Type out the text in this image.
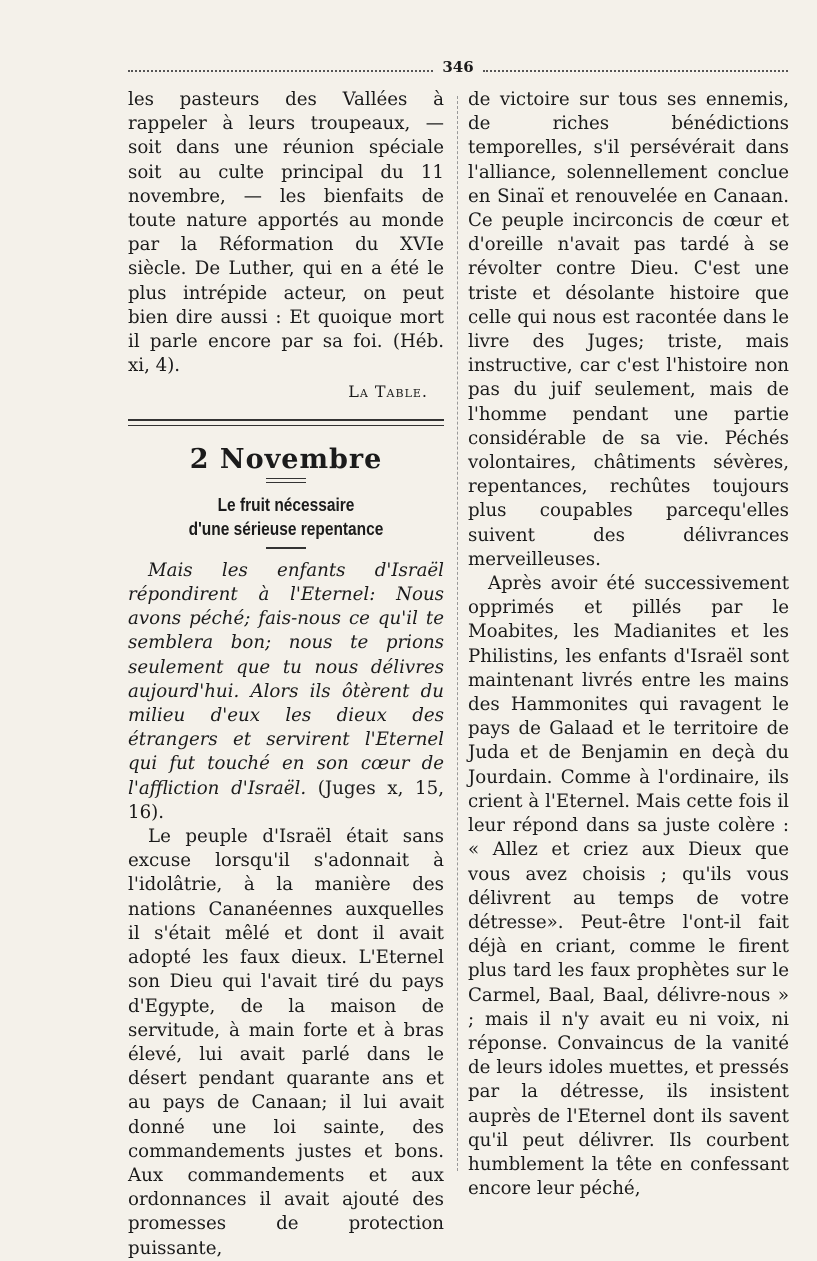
346

les pasteurs des Vallées à rappeler à leurs troupeaux, — soit dans une réunion spéciale soit au culte principal du 11 novembre, — les bienfaits de toute nature apportés au monde par la Réformation du XVIe siècle. De Luther, qui en a été le plus intrépide acteur, on peut bien dire aussi : Et quoique mort il parle encore par sa foi. (Héb. xi, 4).

La Table.
2 Novembre
Le fruit nécessaire
d'une sérieuse repentance

Mais les enfants d'Israël répondirent à l'Eternel: Nous avons péché; fais-nous ce qu'il te semblera bon; nous te prions seulement que tu nous délivres aujourd'hui. Alors ils ôtèrent du milieu d'eux les dieux des étrangers et servirent l'Eternel qui fut touché en son cœur de l'affliction d'Israël. (Juges x, 15, 16).

Le peuple d'Israël était sans excuse lorsqu'il s'adonnait à l'idolâtrie, à la manière des nations Cananéennes auxquelles il s'était mêlé et dont il avait adopté les faux dieux. L'Eternel son Dieu qui l'avait tiré du pays d'Egypte, de la maison de servitude, à main forte et à bras élevé, lui avait parlé dans le désert pendant quarante ans et au pays de Canaan; il lui avait donné une loi sainte, des commandements justes et bons. Aux commandements et aux ordonnances il avait ajouté des promesses de protection puissante,

de victoire sur tous ses ennemis, de riches bénédictions temporelles, s'il persévérait dans l'alliance, solennellement conclue en Sinaï et renouvelée en Canaan. Ce peuple incirconcis de cœur et d'oreille n'avait pas tardé à se révolter contre Dieu. C'est une triste et désolante histoire que celle qui nous est racontée dans le livre des Juges; triste, mais instructive, car c'est l'histoire non pas du juif seulement, mais de l'homme pendant une partie considérable de sa vie. Péchés volontaires, châtiments sévères, repentances, rechûtes toujours plus coupables parcequ'elles suivent des délivrances merveilleuses.

Après avoir été successivement opprimés et pillés par le Moabites, les Madianites et les Philistins, les enfants d'Israël sont maintenant livrés entre les mains des Hammonites qui ravagent le pays de Galaad et le territoire de Juda et de Benjamin en deçà du Jourdain. Comme à l'ordinaire, ils crient à l'Eternel. Mais cette fois il leur répond dans sa juste colère : « Allez et criez aux Dieux que vous avez choisis ; qu'ils vous délivrent au temps de votre détresse». Peut-être l'ont-il fait déjà en criant, comme le firent plus tard les faux prophètes sur le Carmel, Baal, Baal, délivre-nous » ; mais il n'y avait eu ni voix, ni réponse. Convaincus de la vanité de leurs idoles muettes, et pressés par la détresse, ils insistent auprès de l'Eternel dont ils savent qu'il peut délivrer. Ils courbent humblement la tête en confessant encore leur péché,
